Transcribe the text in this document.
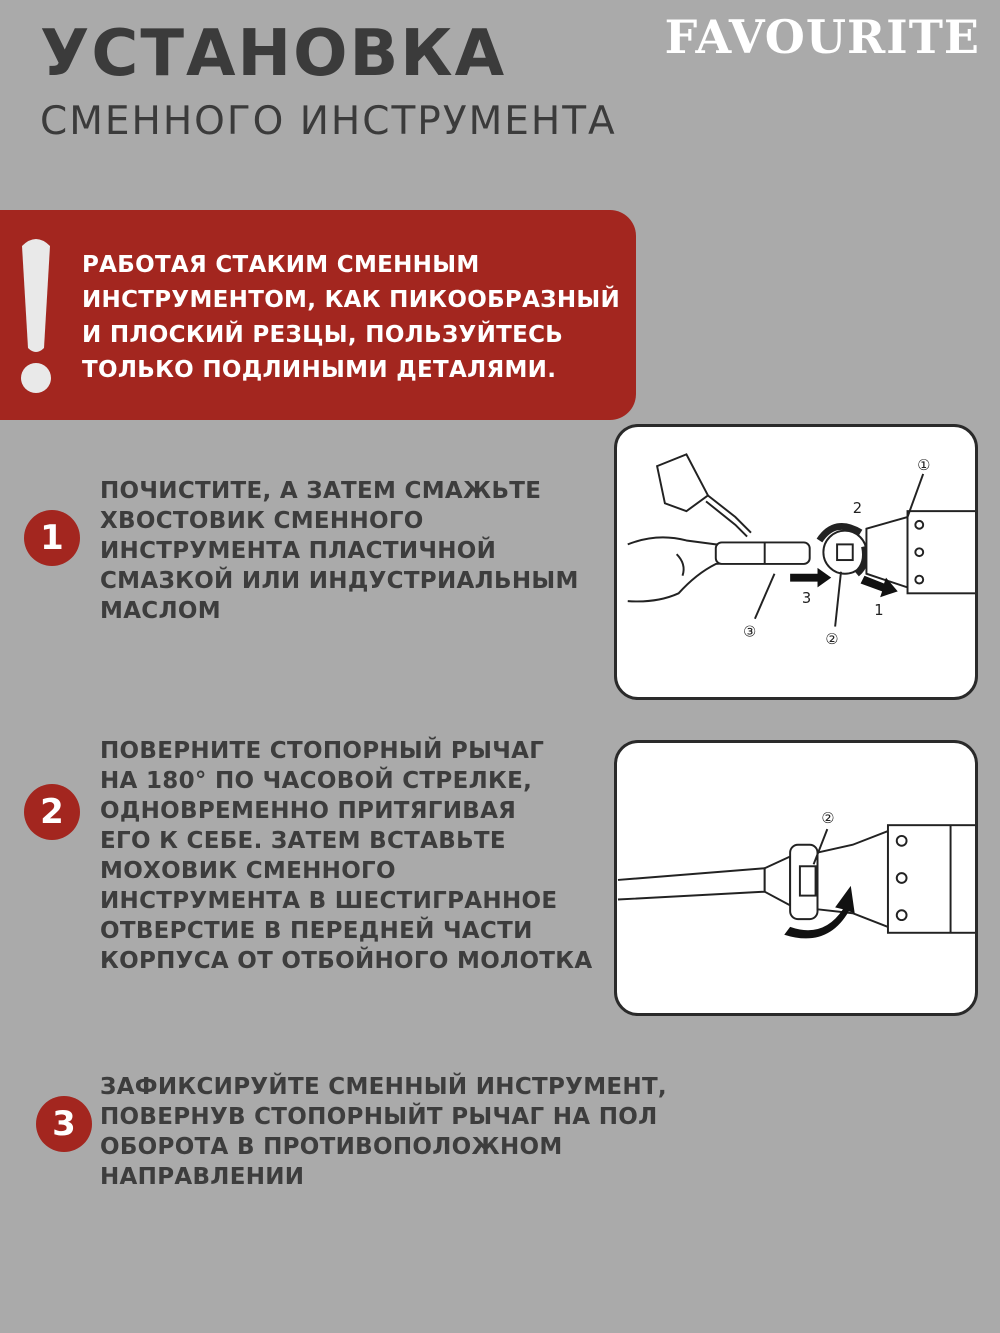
УСТАНОВКА
СМЕННОГО ИНСТРУМЕНТА
FAVOURITE
РАБОТАЯ СТАКИМ СМЕННЫМ
ИНСТРУМЕНТОМ, КАК ПИКООБРАЗНЫЙ
И ПЛОСКИЙ РЕЗЦЫ, ПОЛЬЗУЙТЕСЬ
ТОЛЬКО ПОДЛИНЫМИ ДЕТАЛЯМИ.
1
ПОЧИСТИТЕ, А ЗАТЕМ СМАЖЬТЕ
ХВОСТОВИК СМЕННОГО
ИНСТРУМЕНТА ПЛАСТИЧНОЙ
СМАЗКОЙ ИЛИ ИНДУСТРИАЛЬНЫМ
МАСЛОМ
①
2
3
1
③	②
2
ПОВЕРНИТЕ СТОПОРНЫЙ РЫЧАГ
НА 180° ПО ЧАСОВОЙ СТРЕЛКЕ,
ОДНОВРЕМЕННО ПРИТЯГИВАЯ
ЕГО К СЕБЕ. ЗАТЕМ ВСТАВЬТЕ
МОХОВИК СМЕННОГО
ИНСТРУМЕНТА В ШЕСТИГРАННОЕ
ОТВЕРСТИЕ В ПЕРЕДНЕЙ ЧАСТИ
КОРПУСА ОТ ОТБОЙНОГО МОЛОТКА
②
3
ЗАФИКСИРУЙТЕ СМЕННЫЙ ИНСТРУМЕНТ,
ПОВЕРНУВ СТОПОРНЫЙТ РЫЧАГ НА ПОЛ
ОБОРОТА В ПРОТИВОПОЛОЖНОМ
НАПРАВЛЕНИИ
